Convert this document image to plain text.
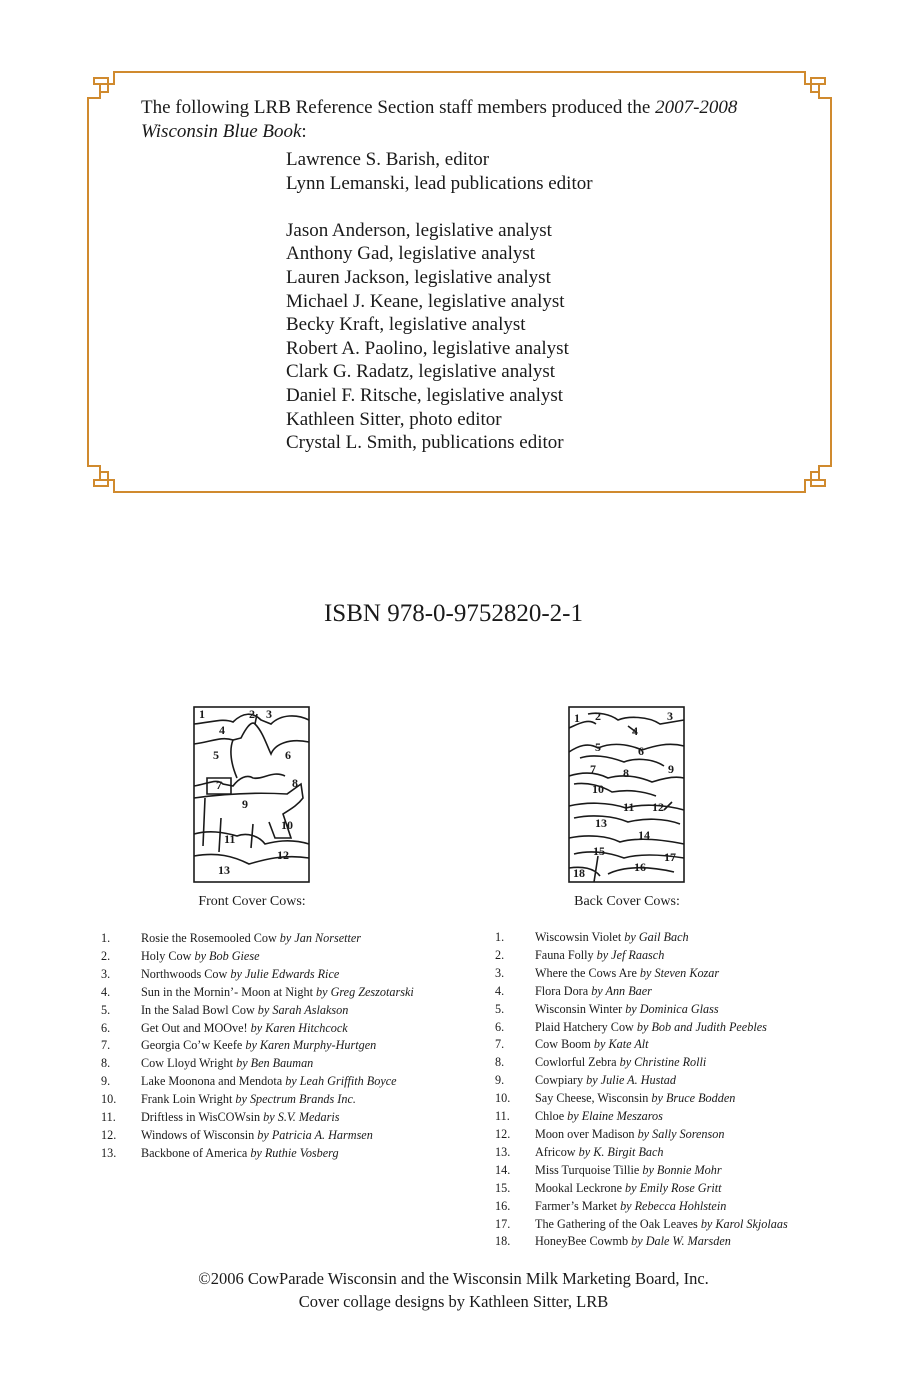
The following LRB Reference Section staff members produced the 2007-2008 Wisconsin Blue Book:
Lawrence S. Barish, editor
Lynn Lemanski, lead publications editor
Jason Anderson, legislative analyst
Anthony Gad, legislative analyst
Lauren Jackson, legislative analyst
Michael J. Keane, legislative analyst
Becky Kraft, legislative analyst
Robert A. Paolino, legislative analyst
Clark G. Radatz, legislative analyst
Daniel F. Ritsche, legislative analyst
Kathleen Sitter, photo editor
Crystal L. Smith, publications editor
ISBN 978-0-9752820-2-1
1	2 3
4
5	6
7	8
9
10
11
12
13
1 2	3
4
5	6
7 8	9
10
11 12
13
14
15
16
17
18
Front Cover Cows:	Back Cover Cows:
1.	Rosie the Rosemooled Cow
by Jan Norsetter
2.	Holy Cow
by Bob Giese
3.	Northwoods Cow
by Julie Edwards Rice
4.	Sun in the Mornin’- Moon at Night
by Greg Zeszotarski
5.	In the Salad Bowl Cow
by Sarah Aslakson
6.	Get Out and MOOve!
by Karen Hitchcock
7.	Georgia Co’w Keefe
by Karen Murphy-Hurtgen
8.	Cow Lloyd Wright
by Ben Bauman
9.	Lake Moonona and Mendota
by Leah Griffith Boyce
10.	Frank Loin Wright
by Spectrum Brands Inc.
11.	Driftless in WisCOWsin
by S.V. Medaris
12.	Windows of Wisconsin
by Patricia A. Harmsen
13.	Backbone of America
by Ruthie Vosberg
1.	Wiscowsin Violet
by Gail Bach
2.	Fauna Folly
by Jef Raasch
3.	Where the Cows Are
by Steven Kozar
4.	Flora Dora
by Ann Baer
5.	Wisconsin Winter
by Dominica Glass
6.	Plaid Hatchery Cow
by Bob and Judith Peebles
7.	Cow Boom
by Kate Alt
8.	Cowlorful Zebra
by Christine Rolli
9.	Cowpiary
by Julie A. Hustad
10.	Say Cheese, Wisconsin
by Bruce Bodden
11.	Chloe
by Elaine Meszaros
12.	Moon over Madison
by Sally Sorenson
13.	Africow
by K. Birgit Bach
14.	Miss Turquoise Tillie
by Bonnie Mohr
15.	Mookal Leckrone
by Emily Rose Gritt
16.	Farmer’s Market
by Rebecca Hohlstein
17.	The Gathering of the Oak Leaves
by Karol Skjolaas
18.	HoneyBee Cowmb
by Dale W. Marsden
©2006 CowParade Wisconsin and the Wisconsin Milk Marketing Board, Inc.
Cover collage designs by Kathleen Sitter, LRB
